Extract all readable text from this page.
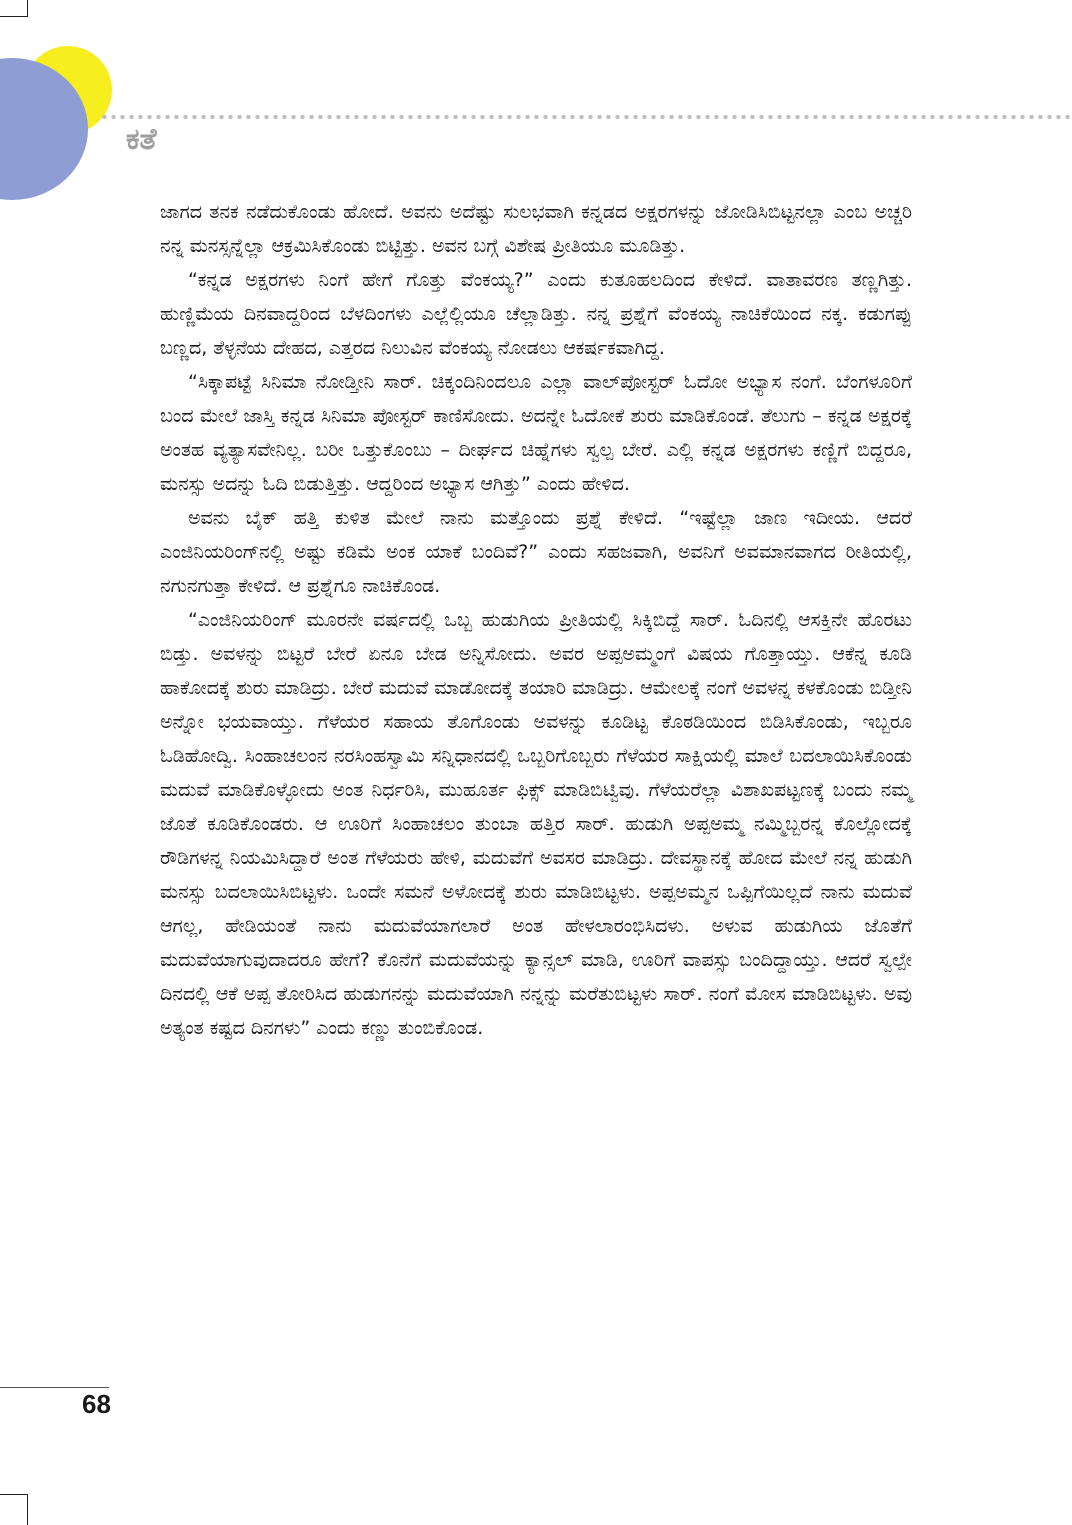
ಕತೆ

ಜಾಗದ ತನಕ ನಡೆದುಕೊಂಡು ಹೋದೆ. ಅವನು ಅದೆಷ್ಟು ಸುಲಭವಾಗಿ ಕನ್ನಡದ ಅಕ್ಷರಗಳನ್ನು ಜೋಡಿಸಿಬಿಟ್ಟನಲ್ಲಾ ಎಂಬ ಅಚ್ಚರಿ ನನ್ನ ಮನಸ್ಸನ್ನೆಲ್ಲಾ ಆಕ್ರಮಿಸಿಕೊಂಡು ಬಿಟ್ಟಿತ್ತು. ಅವನ ಬಗ್ಗೆ ವಿಶೇಷ ಪ್ರೀತಿಯೂ ಮೂಡಿತ್ತು.

“ಕನ್ನಡ ಅಕ್ಷರಗಳು ನಿಂಗೆ ಹೇಗೆ ಗೊತ್ತು ವೆಂಕಯ್ಯ?” ಎಂದು ಕುತೂಹಲದಿಂದ ಕೇಳಿದೆ. ವಾತಾವರಣ ತಣ್ಣಗಿತ್ತು. ಹುಣ್ಣಿಮೆಯ ದಿನವಾದ್ದರಿಂದ ಬೆಳದಿಂಗಳು ಎಲ್ಲೆಲ್ಲಿಯೂ ಚೆಲ್ಲಾಡಿತ್ತು. ನನ್ನ ಪ್ರಶ್ನೆಗೆ ವೆಂಕಯ್ಯ ನಾಚಿಕೆಯಿಂದ ನಕ್ಕ. ಕಡುಗಪ್ಪು ಬಣ್ಣದ, ತೆಳ್ಳನೆಯ ದೇಹದ, ಎತ್ತರದ ನಿಲುವಿನ ವೆಂಕಯ್ಯ ನೋಡಲು ಆಕರ್ಷಕವಾಗಿದ್ದ.

“ಸಿಕ್ಕಾಪಟ್ಟೆ ಸಿನಿಮಾ ನೋಡ್ತೀನಿ ಸಾರ್. ಚಿಕ್ಕಂದಿನಿಂದಲೂ ಎಲ್ಲಾ ವಾಲ್‌ಪೋಸ್ಟರ್ ಓದೋ ಅಭ್ಯಾಸ ನಂಗೆ. ಬೆಂಗಳೂರಿಗೆ ಬಂದ ಮೇಲೆ ಜಾಸ್ತಿ ಕನ್ನಡ ಸಿನಿಮಾ ಪೋಸ್ಟರ್ ಕಾಣಿಸೋದು. ಅದನ್ನೇ ಓದೋಕೆ ಶುರು ಮಾಡಿಕೊಂಡೆ. ತೆಲುಗು – ಕನ್ನಡ ಅಕ್ಷರಕ್ಕೆ ಅಂತಹ ವ್ಯತ್ಯಾಸವೇನಿಲ್ಲ. ಬರೀ ಒತ್ತುಕೊಂಬು – ದೀರ್ಘದ ಚಿಹ್ನೆಗಳು ಸ್ವಲ್ಪ ಬೇರೆ. ಎಲ್ಲಿ ಕನ್ನಡ ಅಕ್ಷರಗಳು ಕಣ್ಣಿಗೆ ಬಿದ್ದರೂ, ಮನಸ್ಸು ಅದನ್ನು ಓದಿ ಬಿಡುತ್ತಿತ್ತು. ಆದ್ದರಿಂದ ಅಭ್ಯಾಸ ಆಗಿತ್ತು” ಎಂದು ಹೇಳಿದ.

ಅವನು ಬೈಕ್ ಹತ್ತಿ ಕುಳಿತ ಮೇಲೆ ನಾನು ಮತ್ತೊಂದು ಪ್ರಶ್ನೆ ಕೇಳಿದೆ. “ಇಷ್ಟೆಲ್ಲಾ ಜಾಣ ಇದೀಯ. ಆದರೆ ಎಂಜಿನಿಯರಿಂಗ್‌ನಲ್ಲಿ ಅಷ್ಟು ಕಡಿಮೆ ಅಂಕ ಯಾಕೆ ಬಂದಿವೆ?” ಎಂದು ಸಹಜವಾಗಿ, ಅವನಿಗೆ ಅವಮಾನವಾಗದ ರೀತಿಯಲ್ಲಿ, ನಗುನಗುತ್ತಾ ಕೇಳಿದೆ. ಆ ಪ್ರಶ್ನೆಗೂ ನಾಚಿಕೊಂಡ.

“ಎಂಜಿನಿಯರಿಂಗ್ ಮೂರನೇ ವರ್ಷದಲ್ಲಿ ಒಬ್ಬ ಹುಡುಗಿಯ ಪ್ರೀತಿಯಲ್ಲಿ ಸಿಕ್ಕಿಬಿದ್ದೆ ಸಾರ್. ಓದಿನಲ್ಲಿ ಆಸಕ್ತಿನೇ ಹೊರಟು ಬಿಡ್ತು. ಅವಳನ್ನು ಬಿಟ್ಟರೆ ಬೇರೆ ಏನೂ ಬೇಡ ಅನ್ನಿಸೋದು. ಅವರ ಅಪ್ಪಅಮ್ಮಂಗೆ ವಿಷಯ ಗೊತ್ತಾಯ್ತು. ಆಕೆನ್ನ ಕೂಡಿ ಹಾಕೋದಕ್ಕೆ ಶುರು ಮಾಡಿದ್ರು. ಬೇರೆ ಮದುವೆ ಮಾಡೋದಕ್ಕೆ ತಯಾರಿ ಮಾಡಿದ್ರು. ಆಮೇಲಕ್ಕೆ ನಂಗೆ ಅವಳನ್ನ ಕಳಕೊಂಡು ಬಿಡ್ತೀನಿ ಅನ್ನೋ ಭಯವಾಯ್ತು. ಗೆಳೆಯರ ಸಹಾಯ ತೊಗೊಂಡು ಅವಳನ್ನು ಕೂಡಿಟ್ಟ ಕೊಠಡಿಯಿಂದ ಬಿಡಿಸಿಕೊಂಡು, ಇಬ್ಬರೂ ಓಡಿಹೋದ್ವಿ. ಸಿಂಹಾಚಲಂನ ನರಸಿಂಹಸ್ವಾಮಿ ಸನ್ನಿಧಾನದಲ್ಲಿ ಒಬ್ಬರಿಗೊಬ್ಬರು ಗೆಳೆಯರ ಸಾಕ್ಷಿಯಲ್ಲಿ ಮಾಲೆ ಬದಲಾಯಿಸಿಕೊಂಡು ಮದುವೆ ಮಾಡಿಕೊಳ್ಳೋದು ಅಂತ ನಿರ್ಧರಿಸಿ, ಮುಹೂರ್ತ ಫಿಕ್ಸ್ ಮಾಡಿಬಿಟ್ವಿವು. ಗೆಳೆಯರೆಲ್ಲಾ ವಿಶಾಖಪಟ್ಟಣಕ್ಕೆ ಬಂದು ನಮ್ಮ ಜೊತೆ ಕೂಡಿಕೊಂಡರು. ಆ ಊರಿಗೆ ಸಿಂಹಾಚಲಂ ತುಂಬಾ ಹತ್ತಿರ ಸಾರ್. ಹುಡುಗಿ ಅಪ್ಪಅಮ್ಮ ನಮ್ಮಿಬ್ಬರನ್ನ ಕೊಲ್ಲೋದಕ್ಕೆ ರೌಡಿಗಳನ್ನ ನಿಯಮಿಸಿದ್ದಾರೆ ಅಂತ ಗೆಳೆಯರು ಹೇಳಿ, ಮದುವೆಗೆ ಅವಸರ ಮಾಡಿದ್ರು. ದೇವಸ್ಥಾನಕ್ಕೆ ಹೋದ ಮೇಲೆ ನನ್ನ ಹುಡುಗಿ ಮನಸ್ಸು ಬದಲಾಯಿಸಿಬಿಟ್ಟಳು. ಒಂದೇ ಸಮನೆ ಅಳೋದಕ್ಕೆ ಶುರು ಮಾಡಿಬಿಟ್ಟಳು. ಅಪ್ಪಅಮ್ಮನ ಒಪ್ಪಿಗೆಯಿಲ್ಲದೆ ನಾನು ಮದುವೆ ಆಗಲ್ಲ, ಹೇಡಿಯಂತೆ ನಾನು ಮದುವೆಯಾಗಲಾರೆ ಅಂತ ಹೇಳಲಾರಂಭಿಸಿದಳು. ಅಳುವ ಹುಡುಗಿಯ ಜೊತೆಗೆ ಮದುವೆಯಾಗುವುದಾದರೂ ಹೇಗೆ? ಕೊನೆಗೆ ಮದುವೆಯನ್ನು ಕ್ಯಾನ್ಸಲ್ ಮಾಡಿ, ಊರಿಗೆ ವಾಪಸ್ಸು ಬಂದಿದ್ದಾಯ್ತು. ಆದರೆ ಸ್ವಲ್ಪೇ ದಿನದಲ್ಲಿ ಆಕೆ ಅಪ್ಪ ತೋರಿಸಿದ ಹುಡುಗನನ್ನು ಮದುವೆಯಾಗಿ ನನ್ನನ್ನು ಮರೆತುಬಿಟ್ಟಳು ಸಾರ್. ನಂಗೆ ಮೋಸ ಮಾಡಿಬಿಟ್ಟಳು. ಅವು ಅತ್ಯಂತ ಕಷ್ಟದ ದಿನಗಳು” ಎಂದು ಕಣ್ಣು ತುಂಬಿಕೊಂಡ.

68
